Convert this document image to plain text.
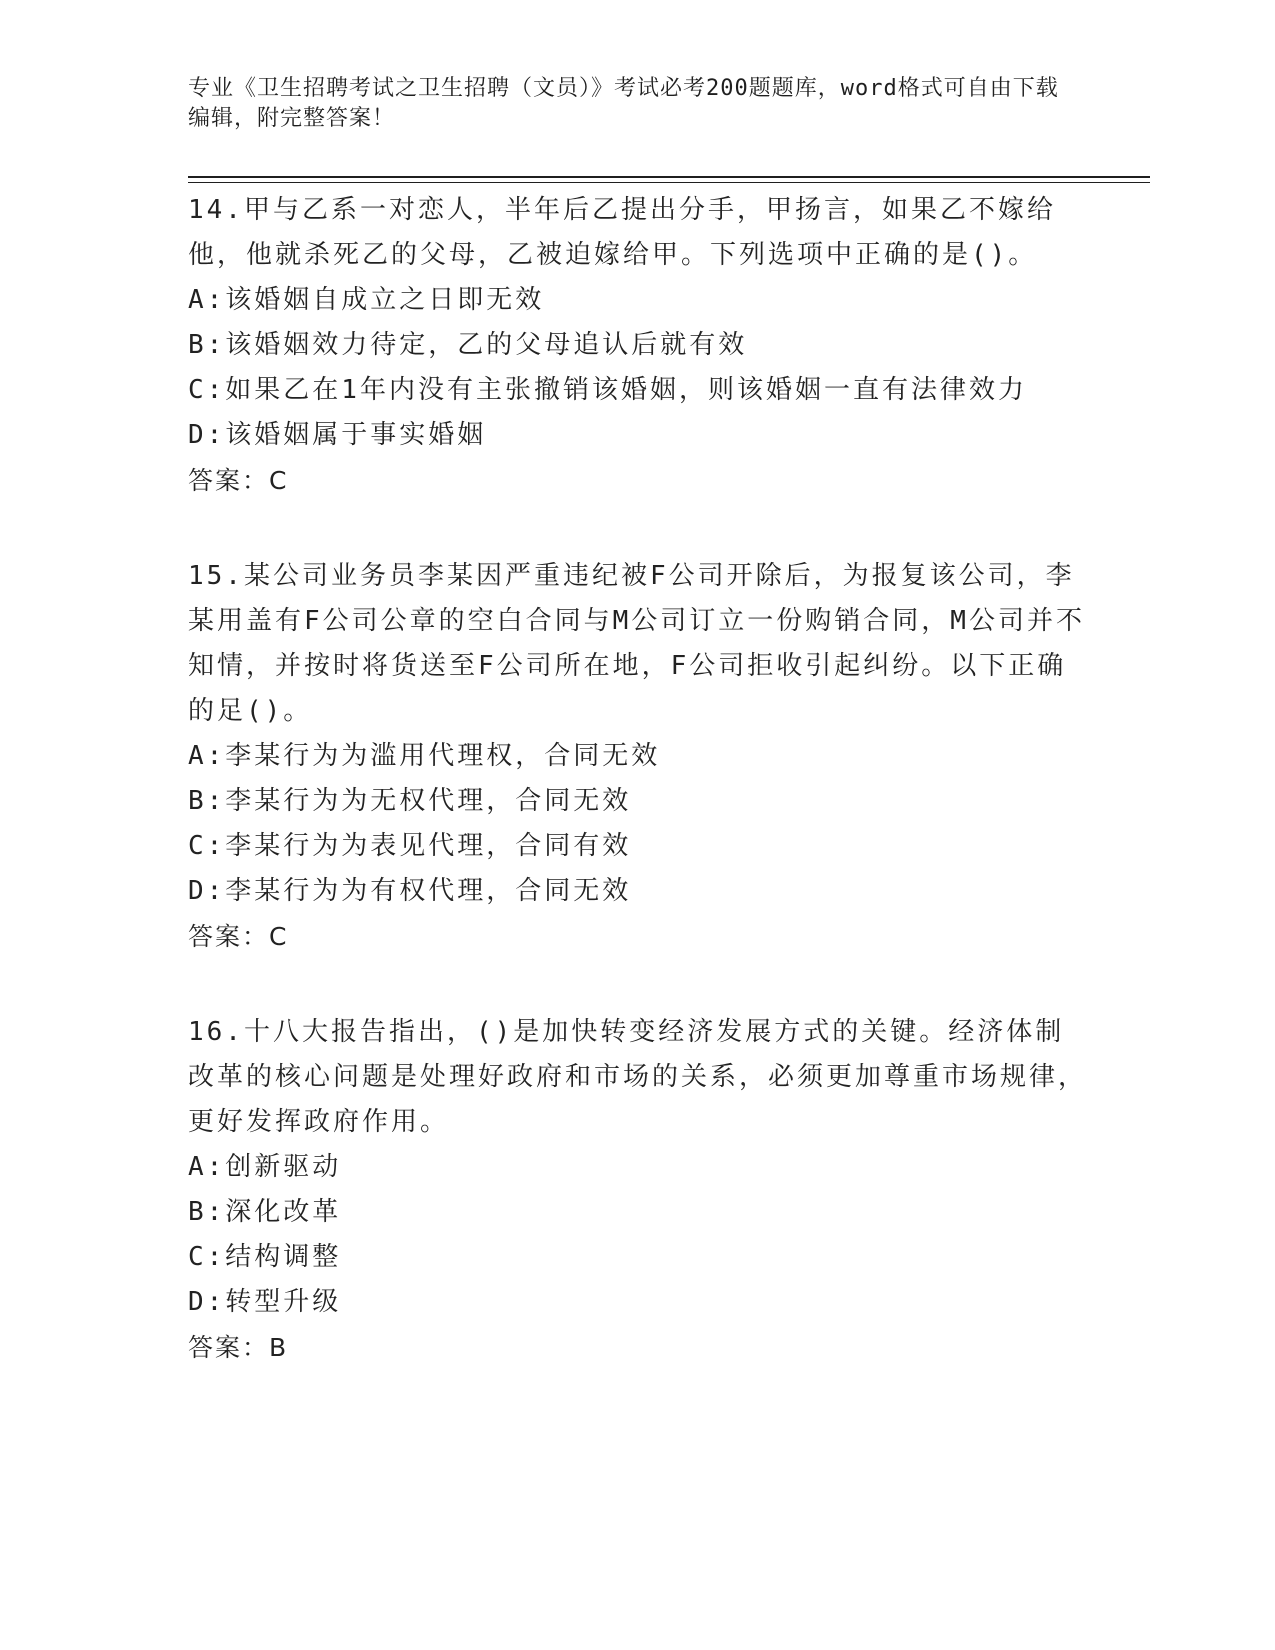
专业《卫生招聘考试之卫生招聘（文员）》考试必考200题题库，word格式可自由下载编辑，附完整答案！

14.甲与乙系一对恋人，半年后乙提出分手，甲扬言，如果乙不嫁给他，他就杀死乙的父母，乙被迫嫁给甲。下列选项中正确的是()。

A:该婚姻自成立之日即无效

B:该婚姻效力待定，乙的父母追认后就有效

C:如果乙在1年内没有主张撤销该婚姻，则该婚姻一直有法律效力

D:该婚姻属于事实婚姻

答案：C

15.某公司业务员李某因严重违纪被F公司开除后，为报复该公司，李某用盖有F公司公章的空白合同与M公司订立一份购销合同，M公司并不知情，并按时将货送至F公司所在地，F公司拒收引起纠纷。以下正确的足()。

A:李某行为为滥用代理权，合同无效

B:李某行为为无权代理，合同无效

C:李某行为为表见代理，合同有效

D:李某行为为有权代理，合同无效

答案：C

16.十八大报告指出，()是加快转变经济发展方式的关键。经济体制改革的核心问题是处理好政府和市场的关系，必须更加尊重市场规律，更好发挥政府作用。

A:创新驱动

B:深化改革

C:结构调整

D:转型升级

答案：B
